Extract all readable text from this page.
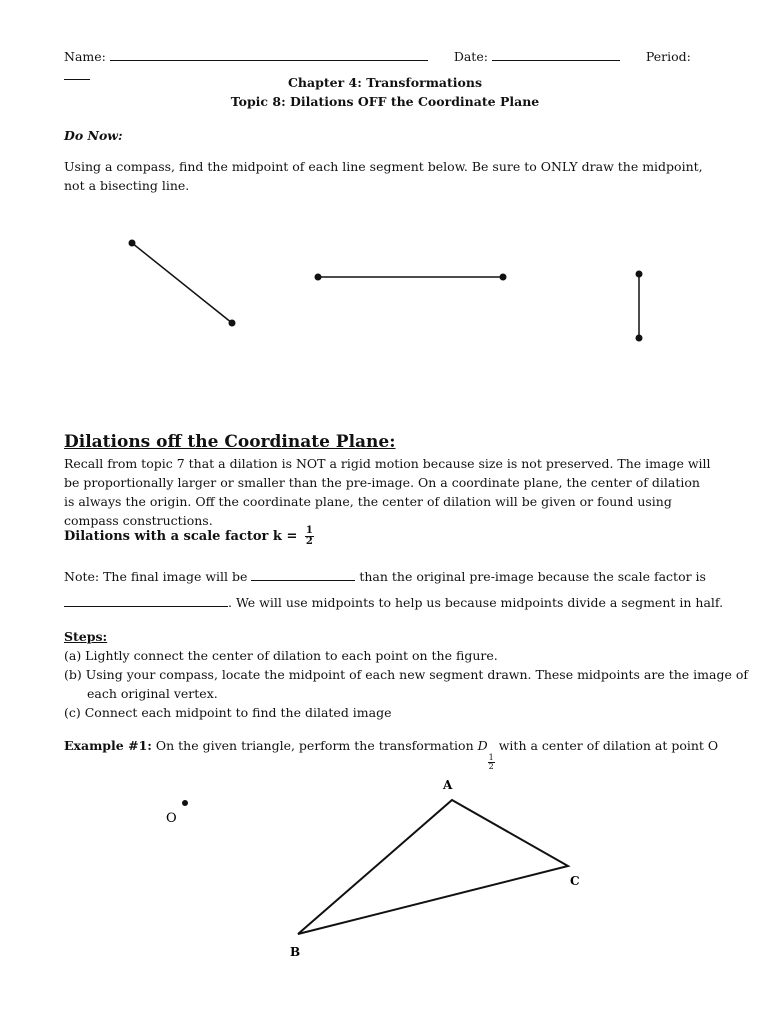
Name:	Date:	Period:
Chapter 4: Transformations
Topic 8: Dilations OFF the Coordinate Plane
Do Now:
Using a compass, find the midpoint of each line segment below. Be sure to ONLY draw the midpoint, not a bisecting line.
Dilations off the Coordinate Plane:
Recall from topic 7 that a dilation is NOT a rigid motion because size is not preserved. The image will be proportionally larger or smaller than the pre-image. On a coordinate plane, the center of dilation is always the origin. Off the coordinate plane, the center of dilation will be given or found using compass constructions.
Dilations with a scale factor $k = \frac{1}{2}$
Note: The final image will be	than the original pre-image because the scale factor is
. We will use midpoints to help us because midpoints divide a segment in half.
Steps:
(a) Lightly connect the center of dilation to each point on the figure.
(b) Using your compass, locate the midpoint of each new segment drawn. These midpoints are the image of
each original vertex.
(c) Connect each midpoint to find the dilated image
Example #1: On the given triangle, perform the transformation D
$\frac{1}{2}$
with a center of dilation at point O
O
A
C
B
